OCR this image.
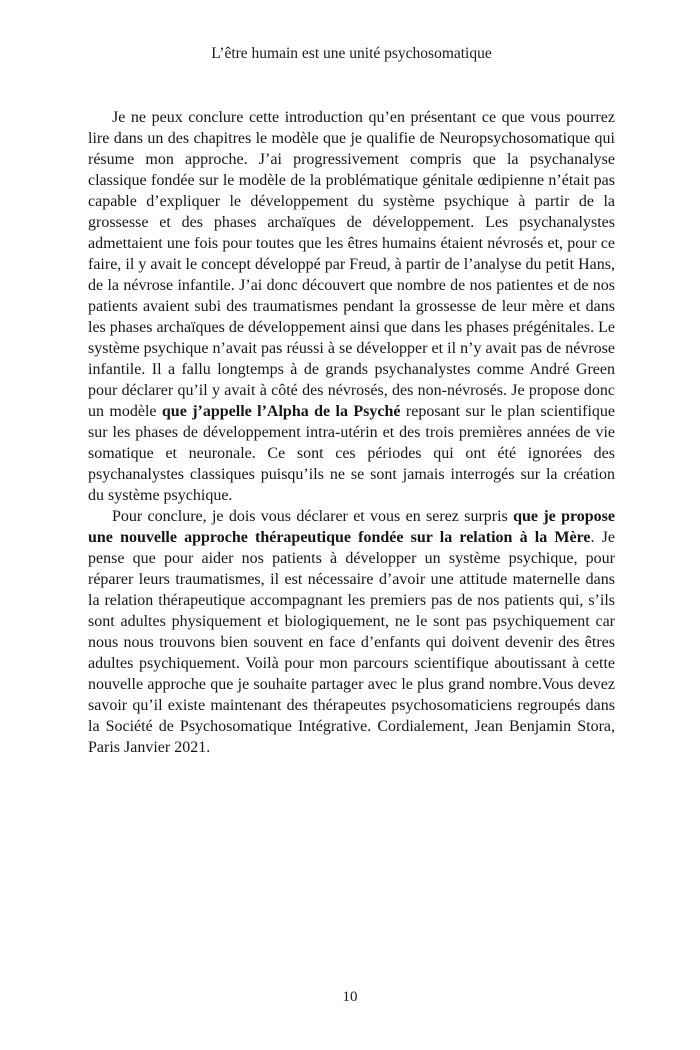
L’être humain est une unité psychosomatique

Je ne peux conclure cette introduction qu’en présentant ce que vous pourrez lire dans un des chapitres le modèle que je qualifie de Neuropsychosomatique qui résume mon approche. J’ai progressivement compris que la psychanalyse classique fondée sur le modèle de la problématique génitale œdipienne n’était pas capable d’expliquer le développement du système psychique à partir de la grossesse et des phases archaïques de développement. Les psychanalystes admettaient une fois pour toutes que les êtres humains étaient névrosés et, pour ce faire, il y avait le concept développé par Freud, à partir de l’analyse du petit Hans, de la névrose infantile. J’ai donc découvert que nombre de nos patientes et de nos patients avaient subi des traumatismes pendant la grossesse de leur mère et dans les phases archaïques de développement ainsi que dans les phases prégénitales. Le système psychique n’avait pas réussi à se développer et il n’y avait pas de névrose infantile. Il a fallu longtemps à de grands psychanalystes comme André Green pour déclarer qu’il y avait à côté des névrosés, des non-névrosés. Je propose donc un modèle que j’appelle l’Alpha de la Psyché reposant sur le plan scientifique sur les phases de développement intra-utérin et des trois premières années de vie somatique et neuronale. Ce sont ces périodes qui ont été ignorées des psychanalystes classiques puisqu’ils ne se sont jamais interrogés sur la création du système psychique.

Pour conclure, je dois vous déclarer et vous en serez surpris que je propose une nouvelle approche thérapeutique fondée sur la relation à la Mère. Je pense que pour aider nos patients à développer un système psychique, pour réparer leurs traumatismes, il est nécessaire d’avoir une attitude maternelle dans la relation thérapeutique accompagnant les premiers pas de nos patients qui, s’ils sont adultes physiquement et biologiquement, ne le sont pas psychiquement car nous nous trouvons bien souvent en face d’enfants qui doivent devenir des êtres adultes psychiquement. Voilà pour mon parcours scientifique aboutissant à cette nouvelle approche que je souhaite partager avec le plus grand nombre.Vous devez savoir qu’il existe maintenant des thérapeutes psychosomaticiens regroupés dans la Société de Psychosomatique Intégrative. Cordialement, Jean Benjamin Stora, Paris Janvier 2021.

10
